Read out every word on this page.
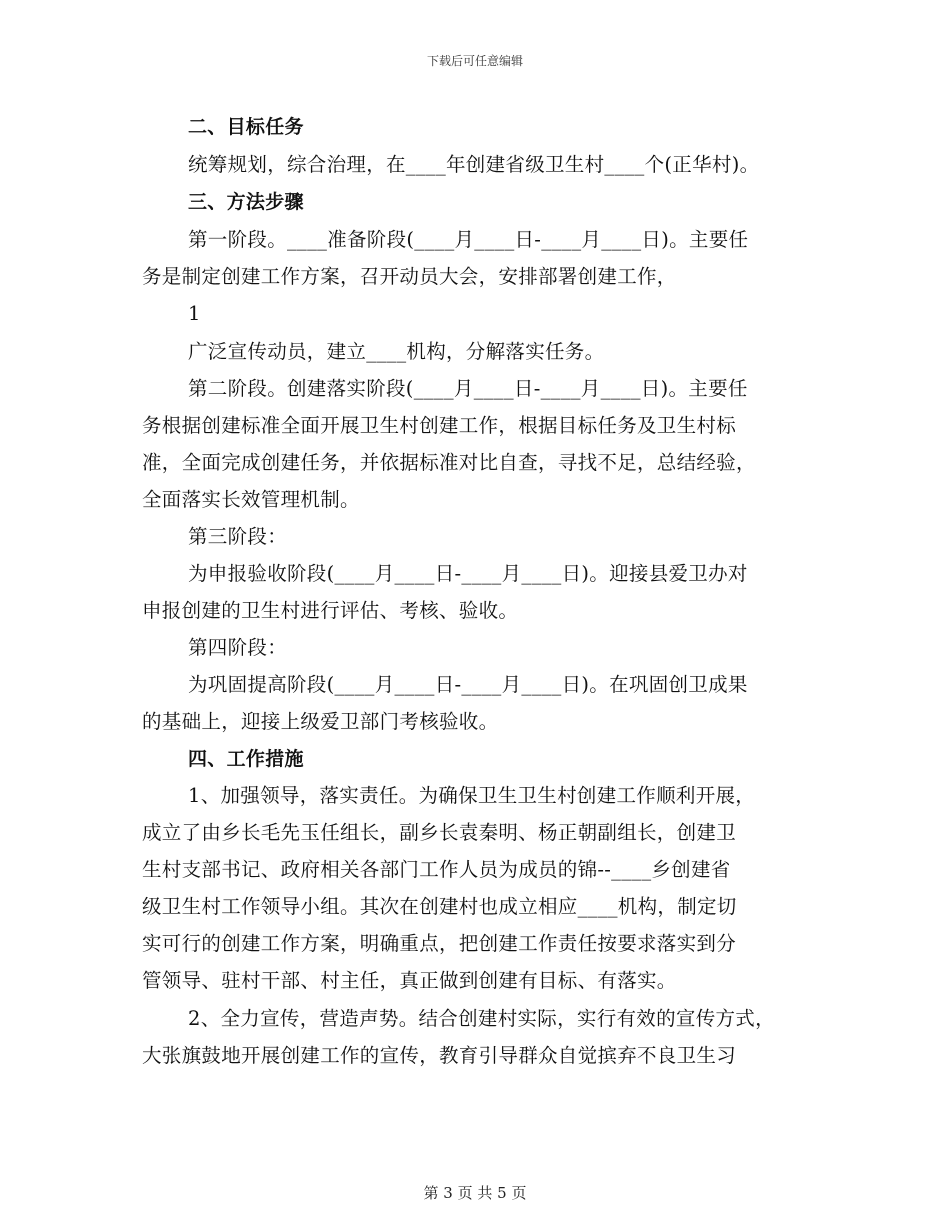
下载后可任意编辑
二、目标任务
统筹规划，综合治理，在____年创建省级卫生村____个(正华村)。
三、方法步骤
第一阶段。____准备阶段(____月____日-____月____日)。主要任
务是制定创建工作方案，召开动员大会，安排部署创建工作，
1
广泛宣传动员，建立____机构，分解落实任务。
第二阶段。创建落实阶段(____月____日-____月____日)。主要任
务根据创建标准全面开展卫生村创建工作，根据目标任务及卫生村标
准，全面完成创建任务，并依据标准对比自查，寻找不足，总结经验，
全面落实长效管理机制。
第三阶段：
为申报验收阶段(____月____日-____月____日)。迎接县爱卫办对
申报创建的卫生村进行评估、考核、验收。
第四阶段：
为巩固提高阶段(____月____日-____月____日)。在巩固创卫成果
的基础上，迎接上级爱卫部门考核验收。
四、工作措施
1、加强领导，落实责任。为确保卫生卫生村创建工作顺利开展，
成立了由乡长毛先玉任组长，副乡长袁秦明、杨正朝副组长，创建卫
生村支部书记、政府相关各部门工作人员为成员的锦--____乡创建省
级卫生村工作领导小组。其次在创建村也成立相应____机构，制定切
实可行的创建工作方案，明确重点，把创建工作责任按要求落实到分
管领导、驻村干部、村主任，真正做到创建有目标、有落实。
2、全力宣传，营造声势。结合创建村实际，实行有效的宣传方式，
大张旗鼓地开展创建工作的宣传，教育引导群众自觉摈弃不良卫生习
第 3 页 共 5 页
